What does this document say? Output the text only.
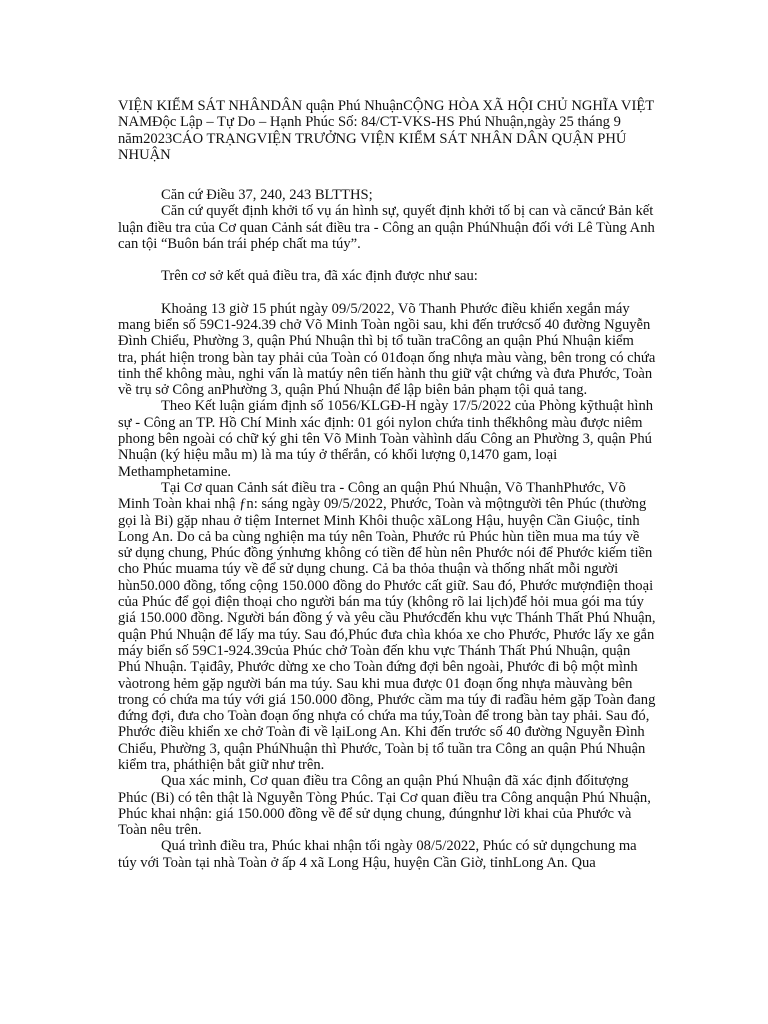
VIỆN KIỂM SÁT NHÂNDÂN quận Phú NhuậnCỘNG HÒA XÃ HỘI CHỦ NGHĨA VIỆT NAMĐộc Lập – Tự Do – Hạnh Phúc Số: 84/CT-VKS-HS Phú Nhuận,ngày 25 tháng 9 năm2023CÁO TRẠNGVIỆN TRƯỞNG VIỆN KIỂM SÁT NHÂN DÂN QUẬN PHÚ NHUẬN

Căn cứ Điều 37, 240, 243 BLTTHS;

Căn cứ quyết định khởi tố vụ án hình sự, quyết định khởi tố bị can và căncứ Bản kết luận điều tra của Cơ quan Cảnh sát điều tra - Công an quận PhúNhuận đối với Lê Tùng Anh can tội “Buôn bán trái phép chất ma túy”.

Trên cơ sở kết quả điều tra, đã xác định được như sau:

Khoảng 13 giờ 15 phút ngày 09/5/2022, Võ Thanh Phước điều khiển xegắn máy mang biển số 59C1-924.39 chở Võ Minh Toàn ngồi sau, khi đến trướcsố 40 đường Nguyễn Đình Chiểu, Phường 3, quận Phú Nhuận thì bị tổ tuần traCông an quận Phú Nhuận kiểm tra, phát hiện trong bàn tay phải của Toàn có 01đoạn ống nhựa màu vàng, bên trong có chứa tinh thể không màu, nghi vấn là matúy nên tiến hành thu giữ vật chứng và đưa Phước, Toàn về trụ sở Công anPhường 3, quận Phú Nhuận để lập biên bản phạm tội quả tang.

Theo Kết luận giám định số 1056/KLGĐ-H ngày 17/5/2022 của Phòng kỹthuật hình sự - Công an TP. Hồ Chí Minh xác định: 01 gói nylon chứa tinh thểkhông màu được niêm phong bên ngoài có chữ ký ghi tên Võ Minh Toàn vàhình dấu Công an Phường 3, quận Phú Nhuận (ký hiệu mẫu m) là ma túy ở thểrắn, có khối lượng 0,1470 gam, loại Methamphetamine.

Tại Cơ quan Cảnh sát điều tra - Công an quận Phú Nhuận, Võ ThanhPhước, Võ Minh Toàn khai nhậ ƒn: sáng ngày 09/5/2022, Phước, Toàn và mộtngười tên Phúc (thường gọi là Bi) gặp nhau ở tiệm Internet Minh Khôi thuộc xãLong Hậu, huyện Cần Giuộc, tỉnh Long An. Do cả ba cùng nghiện ma túy nên Toàn, Phước rủ Phúc hùn tiền mua ma túy về sử dụng chung, Phúc đồng ýnhưng không có tiền để hùn nên Phước nói để Phước kiếm tiền cho Phúc muama túy về để sử dụng chung. Cả ba thỏa thuận và thống nhất mỗi người hùn50.000 đồng, tổng cộng 150.000 đồng do Phước cất giữ. Sau đó, Phước mượnđiện thoại của Phúc để gọi điện thoại cho người bán ma túy (không rõ lai lịch)để hỏi mua gói ma túy giá 150.000 đồng. Người bán đồng ý và yêu cầu Phướcđến khu vực Thánh Thất Phú Nhuận, quận Phú Nhuận để lấy ma túy. Sau đó,Phúc đưa chìa khóa xe cho Phước, Phước lấy xe gắn máy biển số 59C1-924.39của Phúc chở Toàn đến khu vực Thánh Thất Phú Nhuận, quận Phú Nhuận. Tạiđây, Phước dừng xe cho Toàn đứng đợi bên ngoài, Phước đi bộ một mình vàotrong hẻm gặp người bán ma túy. Sau khi mua được 01 đoạn ống nhựa màuvàng bên trong có chứa ma túy với giá 150.000 đồng, Phước cầm ma túy đi rađầu hẻm gặp Toàn đang đứng đợi, đưa cho Toàn đoạn ống nhựa có chứa ma túy,Toàn để trong bàn tay phải. Sau đó, Phước điều khiển xe chở Toàn đi về lạiLong An. Khi đến trước số 40 đường Nguyễn Đình Chiểu, Phường 3, quận PhúNhuận thì Phước, Toàn bị tổ tuần tra Công an quận Phú Nhuận kiểm tra, pháthiện bắt giữ như trên.

Qua xác minh, Cơ quan điều tra Công an quận Phú Nhuận đã xác định đốitượng Phúc (Bi) có tên thật là Nguyễn Tòng Phúc. Tại Cơ quan điều tra Công anquận Phú Nhuận, Phúc khai nhận: giá 150.000 đồng về để sử dụng chung, đúngnhư lời khai của Phước và Toàn nêu trên.

Quá trình điều tra, Phúc khai nhận tối ngày 08/5/2022, Phúc có sử dụngchung ma túy với Toàn tại nhà Toàn ở ấp 4 xã Long Hậu, huyện Cần Giờ, tỉnhLong An. Qua
